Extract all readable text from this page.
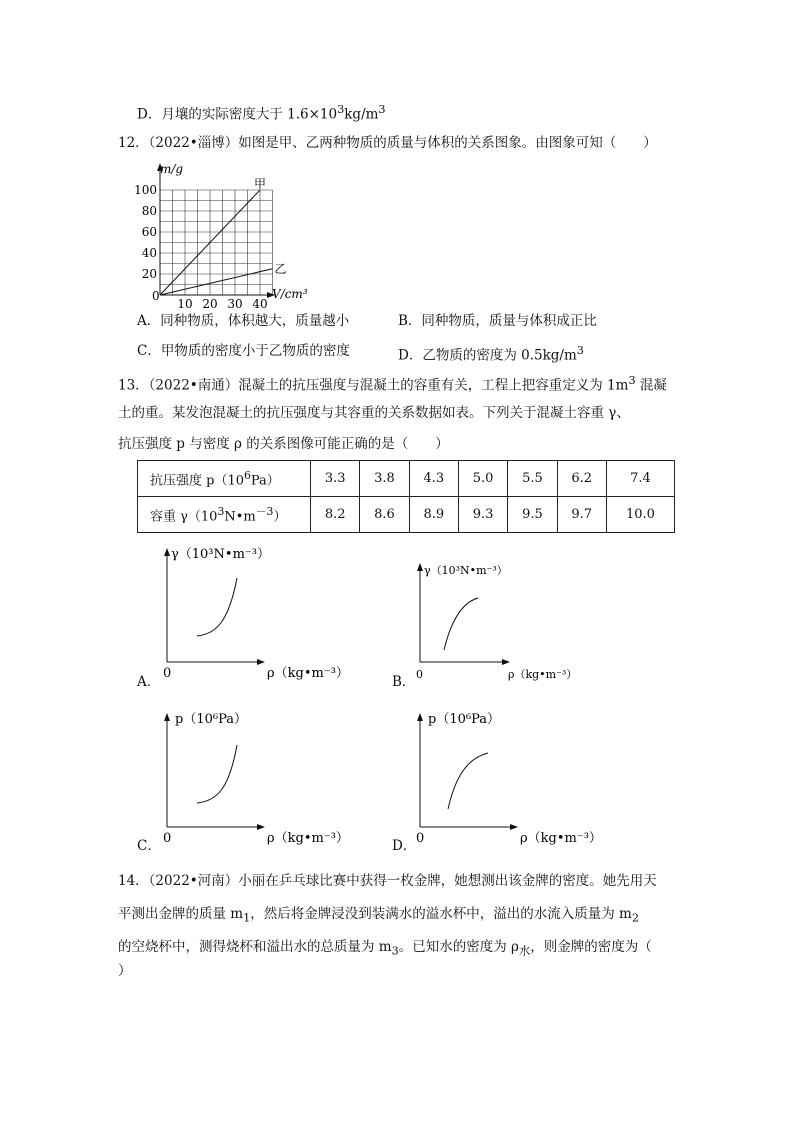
D．月壤的实际密度大于 $1.6\times 10^3kg/m^3$
12．（2022•淄博）如图是甲、乙两种物质的质量与体积的关系图象。由图象可知（　　）
m/g
V/cm³
0
100
80
60
40
20
10 20 30 40
甲
乙
A．同种物质，体积越大，质量越小	B．同种物质，质量与体积成正比
C．甲物质的密度小于乙物质的密度	D．乙物质的密度为 $0.5kg/m^3$
13．（2022•南通）混凝土的抗压强度与混凝土的容重有关，工程上把容重定义为 $1m^3$ 混凝
土的重。某发泡混凝土的抗压强度与其容重的关系数据如表。下列关于混凝土容重 γ、
抗压强度 p 与密度 ρ 的关系图像可能正确的是（　　）
抗压强度 $p(10^6Pa)$	3.3	3.8	4.3	5.0	5.5	6.2	7.4
容重 $\gamma(10^3N•m^{-3})$	8.2	8.6	8.9	9.3	9.5	9.7	10.0
A．
γ（10³N•m⁻³）
ρ（kg•m⁻³）
0
B．
γ（10³N•m⁻³）
ρ（kg•m⁻³）
0
C．
p（10⁶Pa）
ρ（kg•m⁻³）
0	D．
p（10⁶Pa）
ρ（kg•m⁻³）
0
14．（2022•河南）小丽在乒乓球比赛中获得一枚金牌，她想测出该金牌的密度。她先用天
平测出金牌的质量 $m_1$，然后将金牌浸没到装满水的溢水杯中，溢出的水流入质量为 $m_2$
的空烧杯中，测得烧杯和溢出水的总质量为 $m_3$。已知水的密度为 $\rho_水$，则金牌的密度为（
）
